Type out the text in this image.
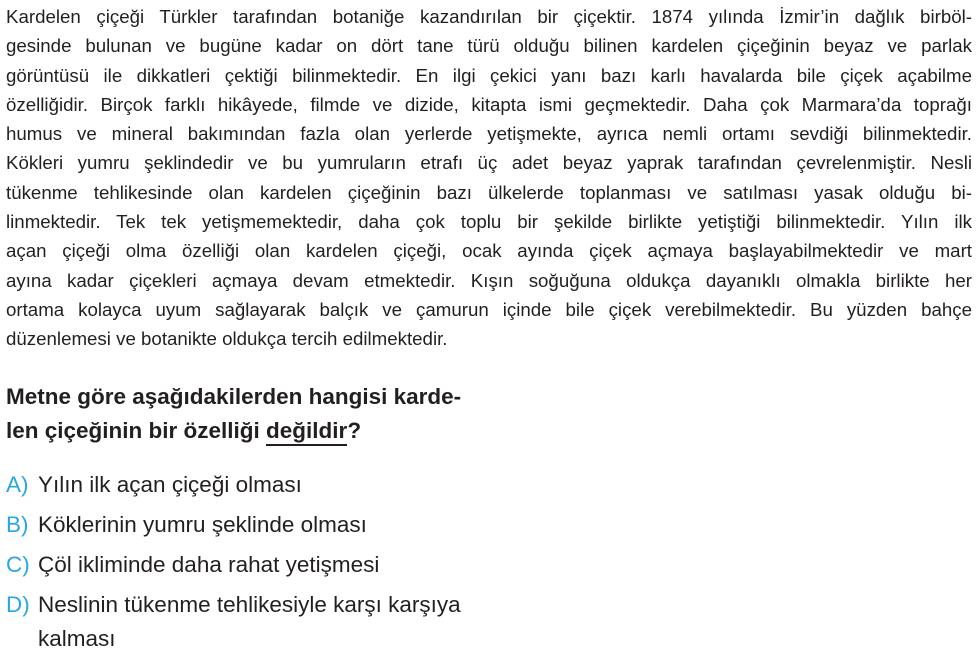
Kardelen çiçeği Türkler tarafından botaniğe kazandırılan bir çiçektir. 1874 yılında İzmir’in dağlık birböl-
gesinde bulunan ve bugüne kadar on dört tane türü olduğu bilinen kardelen çiçeğinin beyaz ve parlak
görüntüsü ile dikkatleri çektiği bilinmektedir. En ilgi çekici yanı bazı karlı havalarda bile çiçek açabilme
özelliğidir. Birçok farklı hikâyede, filmde ve dizide, kitapta ismi geçmektedir. Daha çok Marmara’da toprağı
humus ve mineral bakımından fazla olan yerlerde yetişmekte, ayrıca nemli ortamı sevdiği bilinmektedir.
Kökleri yumru şeklindedir ve bu yumruların etrafı üç adet beyaz yaprak tarafından çevrelenmiştir. Nesli
tükenme tehlikesinde olan kardelen çiçeğinin bazı ülkelerde toplanması ve satılması yasak olduğu bi-
linmektedir. Tek tek yetişmemektedir, daha çok toplu bir şekilde birlikte yetiştiği bilinmektedir. Yılın ilk
açan çiçeği olma özelliği olan kardelen çiçeği, ocak ayında çiçek açmaya başlayabilmektedir ve mart
ayına kadar çiçekleri açmaya devam etmektedir. Kışın soğuğuna oldukça dayanıklı olmakla birlikte her
ortama kolayca uyum sağlayarak balçık ve çamurun içinde bile çiçek verebilmektedir. Bu yüzden bahçe
düzenlemesi ve botanikte oldukça tercih edilmektedir.
Metne göre aşağıdakilerden hangisi karde-
len çiçeğinin bir özelliği değildir?
A) Yılın ilk açan çiçeği olması
B) Köklerinin yumru şeklinde olması
C) Çöl ikliminde daha rahat yetişmesi
D) Neslinin tükenme tehlikesiyle karşı karşıya
kalması
